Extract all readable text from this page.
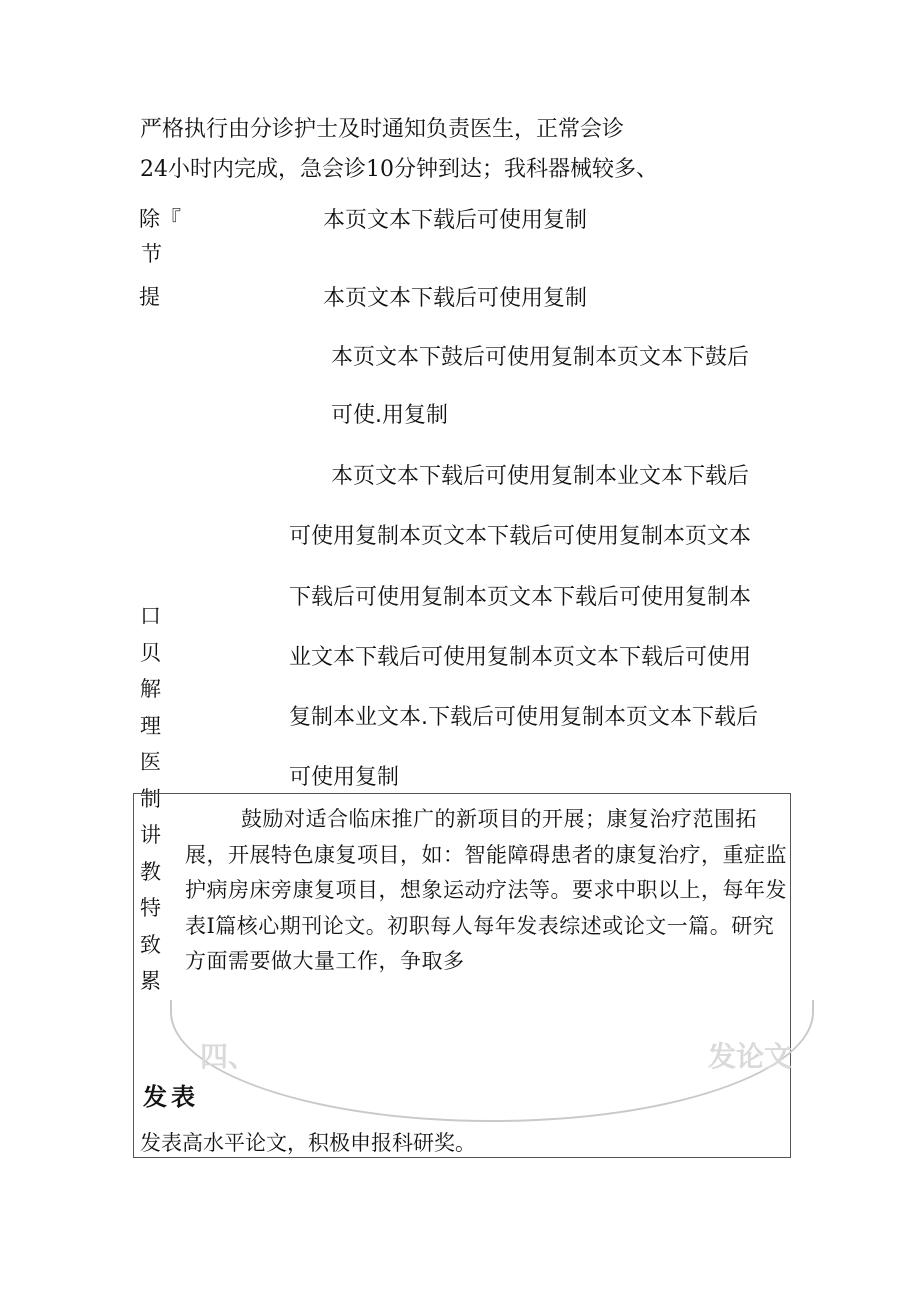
严格执行由分诊护士及时通知负责医生，正常会诊
24小时内完成，急会诊10分钟到达；我科器械较多、
除『
节
提
本页文本下载后可使用复制
本页文本下载后可使用复制
本页文本下鼓后可使用复制本页文本下鼓后
可使.用复制
本页文本下载后可使用复制本业文本下载后
可使用复制本页文本下载后可使用复制本页文本
下载后可使用复制本页文本下载后可使用复制本
业文本下载后可使用复制本页文本下载后可使用
复制本业文本.下载后可使用复制本页文本下载后
可使用复制
口
贝
解
理
医
制
讲
教
特
致
累
鼓励对适合临床推广的新项目的开展；康复治疗范围拓展，开展特色康复项目，如：智能障碍患者的康复治疗，重症监护病房床旁康复项目，想象运动疗法等。要求中职以上，每年发表I篇核心期刊论文。初职每人每年发表综述或论文一篇。研究方面需要做大量工作，争取多
四、	发论文
发表
发表高水平论文，积极申报科研奖。
